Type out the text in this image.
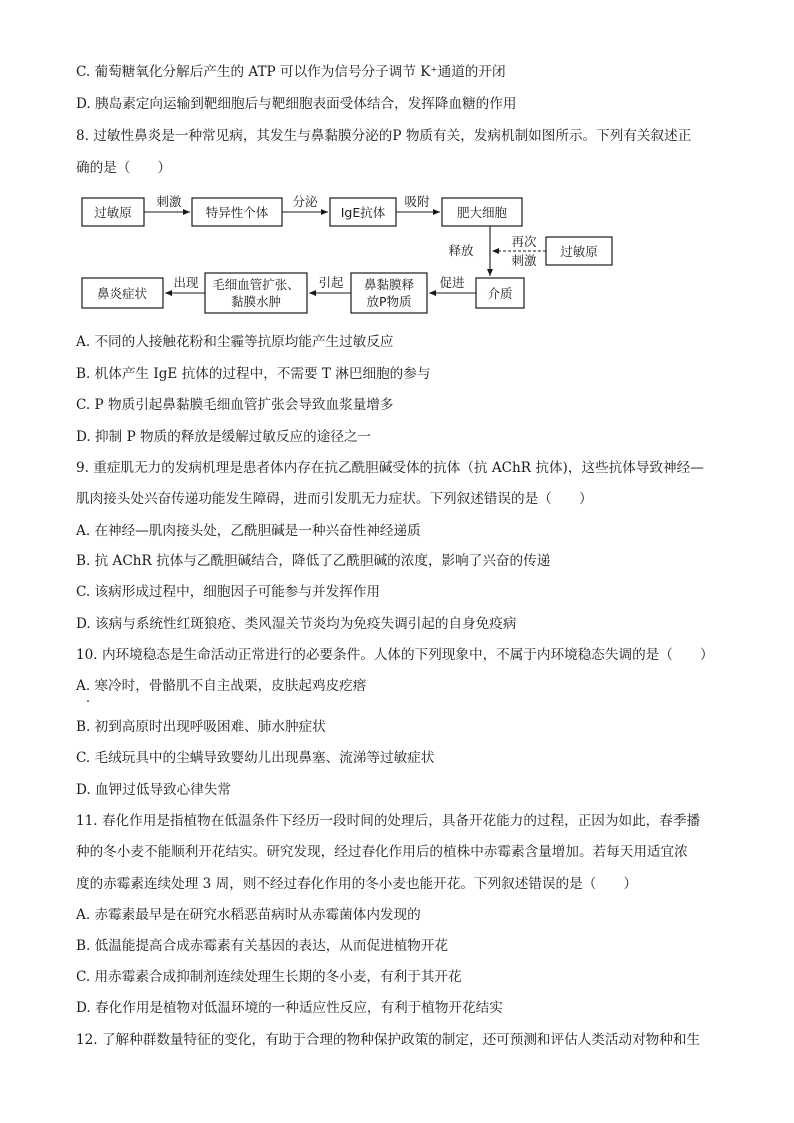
C. 葡萄糖氧化分解后产生的 ATP 可以作为信号分子调节 K⁺通道的开闭
D. 胰岛素定向运输到靶细胞后与靶细胞表面受体结合，发挥降血糖的作用
8. 过敏性鼻炎是一种常见病，其发生与鼻黏膜分泌的P 物质有关，发病机制如图所示。下列有关叙述正
确的是（　　）
过敏原
刺激
特异性个体
分泌
IgE抗体
吸附
肥大细胞
释放
再次
刺激
过敏原
介质
促进
鼻黏膜释
放P物质
引起
毛细血管扩张、
黏膜水肿
出现
鼻炎症状
A. 不同的人接触花粉和尘霾等抗原均能产生过敏反应
B. 机体产生 IgE 抗体的过程中，不需要 T 淋巴细胞的参与
C. P 物质引起鼻黏膜毛细血管扩张会导致血浆量增多
D. 抑制 P 物质的释放是缓解过敏反应的途径之一
9. 重症肌无力的发病机理是患者体内存在抗乙酰胆碱受体的抗体（抗 AChR 抗体)，这些抗体导致神经—
肌肉接头处兴奋传递功能发生障碍，进而引发肌无力症状。下列叙述错误的是（　　）
A. 在神经—肌肉接头处，乙酰胆碱是一种兴奋性神经递质
B. 抗 AChR 抗体与乙酰胆碱结合，降低了乙酰胆碱的浓度，影响了兴奋的传递
C. 该病形成过程中，细胞因子可能参与并发挥作用
D. 该病与系统性红斑狼疮、类风湿关节炎均为免疫失调引起的自身免疫病
10. 内环境稳态是生命活动正常进行的必要条件。人体的下列现象中，不属于内环境稳态失调的是（　　）
A. 寒冷时，骨骼肌不自主战栗，皮肤起鸡皮疙瘩
B. 初到高原时出现呼吸困难、肺水肿症状
C. 毛绒玩具中的尘螨导致婴幼儿出现鼻塞、流涕等过敏症状
D. 血钾过低导致心律失常
11. 春化作用是指植物在低温条件下经历一段时间的处理后，具备开花能力的过程，正因为如此，春季播
种的冬小麦不能顺利开花结实。研究发现，经过春化作用后的植株中赤霉素含量增加。若每天用适宜浓
度的赤霉素连续处理 3 周，则不经过春化作用的冬小麦也能开花。下列叙述错误的是（　　）
A. 赤霉素最早是在研究水稻恶苗病时从赤霉菌体内发现的
B. 低温能提高合成赤霉素有关基因的表达，从而促进植物开花
C. 用赤霉素合成抑制剂连续处理生长期的冬小麦，有利于其开花
D. 春化作用是植物对低温环境的一种适应性反应，有利于植物开花结实
12. 了解种群数量特征的变化，有助于合理的物种保护政策的制定，还可预测和评估人类活动对物种和生
